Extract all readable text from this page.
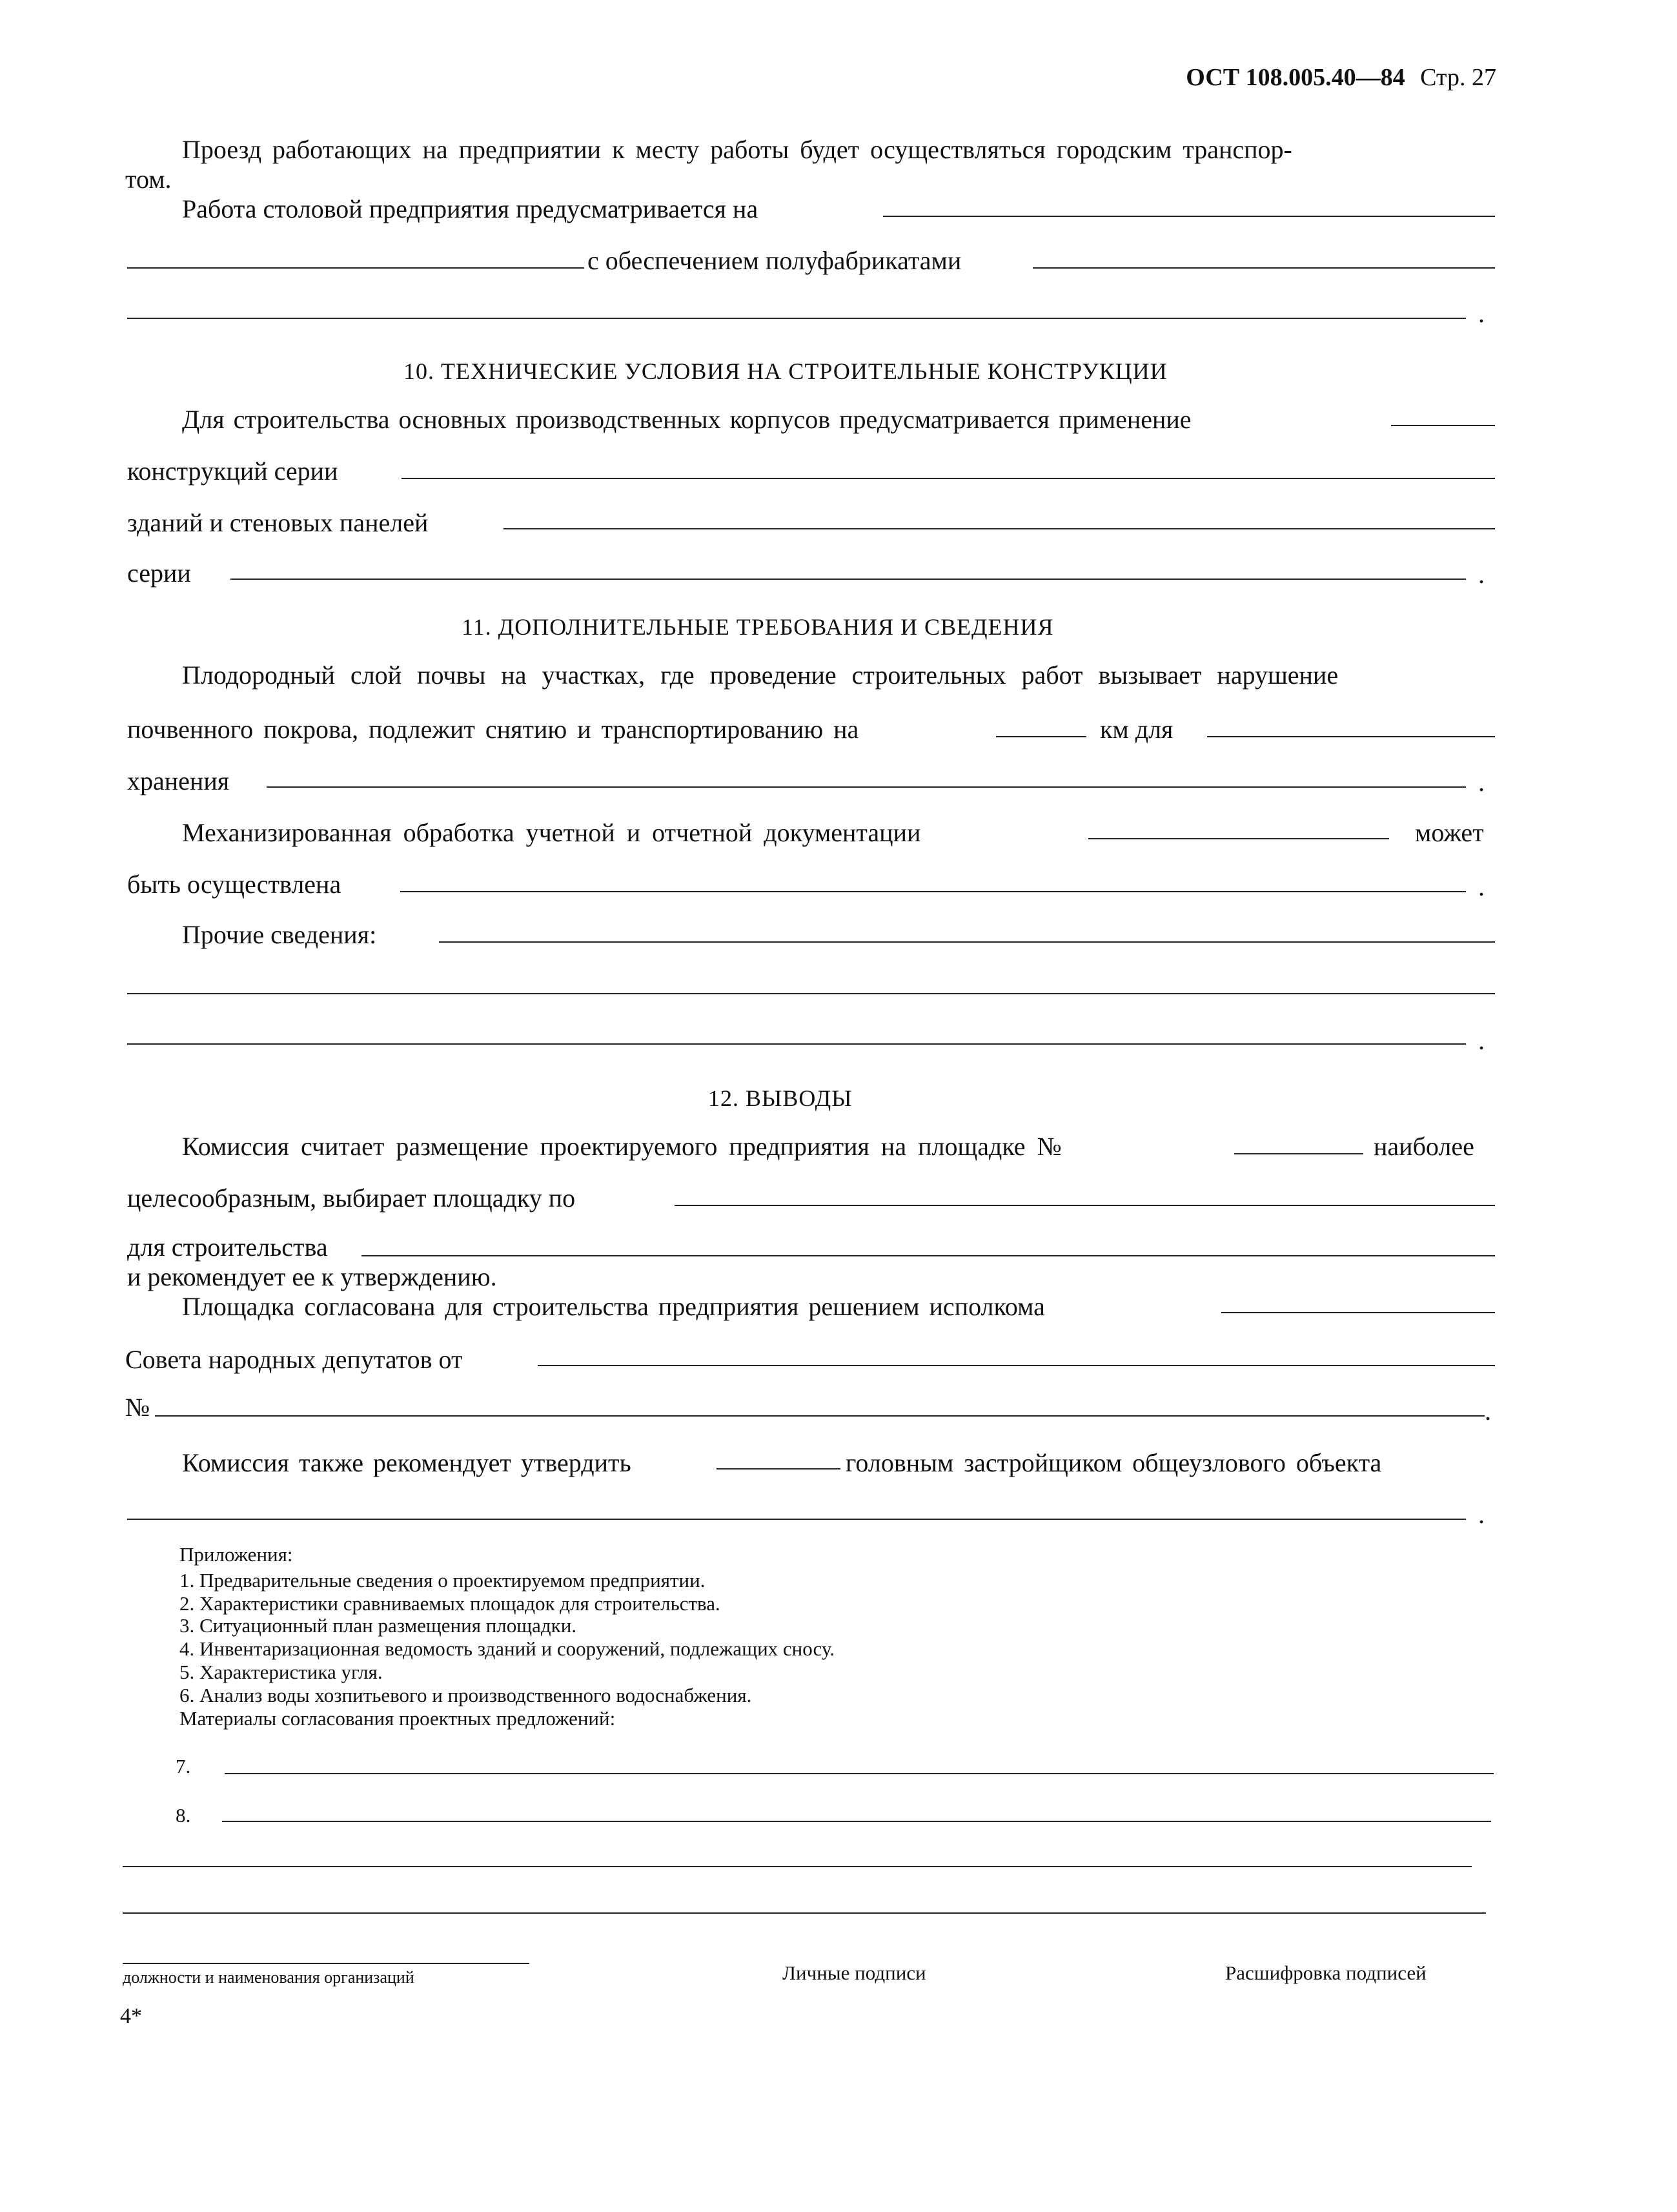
ОСТ 108.005.40—84 Стр. 27
Проезд работающих на предприятии к месту работы будет осуществляться городским транспор-
том.
Работа столовой предприятия предусматривается на
с обеспечением полуфабрикатами
.
10. ТЕХНИЧЕСКИЕ УСЛОВИЯ НА СТРОИТЕЛЬНЫЕ КОНСТРУКЦИИ
Для строительства основных производственных корпусов предусматривается применение
конструкций серии
зданий и стеновых панелей
серии	.
11. ДОПОЛНИТЕЛЬНЫЕ ТРЕБОВАНИЯ И СВЕДЕНИЯ
Плодородный слой почвы на участках, где проведение строительных работ вызывает нарушение
почвенного покрова, подлежит снятию и транспортированию на	км для
хранения	.
Механизированная обработка учетной и отчетной документации	может
быть осуществлена	.
Прочие сведения:
.
12. ВЫВОДЫ
Комиссия считает размещение проектируемого предприятия на площадке №	наиболее
целесообразным, выбирает площадку по
для строительства
и рекомендует ее к утверждению.
Площадка согласована для строительства предприятия решением исполкома
Совета народных депутатов от
№	.
Комиссия также рекомендует утвердить	головным застройщиком общеузлового объекта
.
Приложения:
1. Предварительные сведения о проектируемом предприятии.
2. Характеристики сравниваемых площадок для строительства.
3. Ситуационный план размещения площадки.
4. Инвентаризационная ведомость зданий и сооружений, подлежащих сносу.
5. Характеристика угля.
6. Анализ воды хозпитьевого и производственного водоснабжения.
Материалы согласования проектных предложений:
7.
8.
должности и наименования организаций	Личные подписи	Расшифровка подписей
4*
